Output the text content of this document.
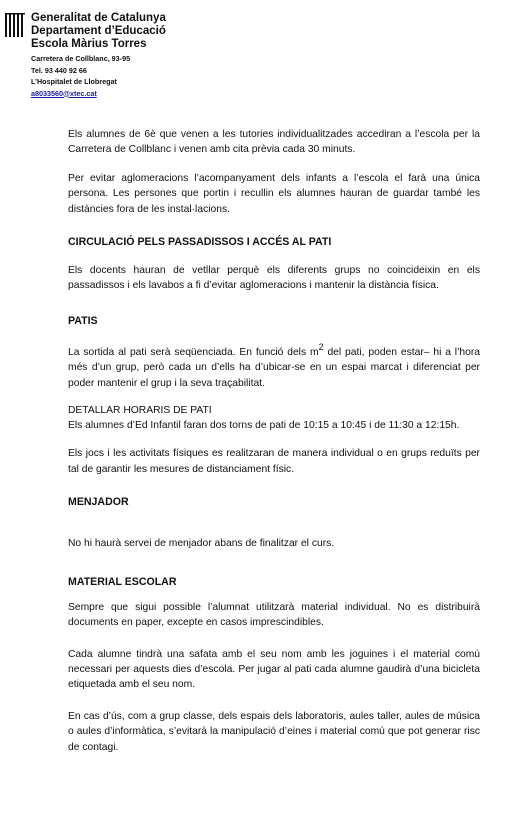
Generalitat de Catalunya
Departament d’Educació
Escola Màrius Torres
Carretera de Collblanc, 93-95
Tel. 93 440 92 66
L’Hospitalet de Llobregat
a8033560@xtec.cat

Els alumnes de 6è que venen a les tutories individualitzades accediran a l’escola per la Carretera de Collblanc i venen amb cita prèvia cada 30 minuts.

Per evitar aglomeracions l’acompanyament dels infants a l’escola el farà una única persona. Les persones que portin i recullin els alumnes hauran de guardar també les distàncies fora de les instal·lacions.

CIRCULACIÓ PELS PASSADISSOS I ACCÉS AL PATI

Els docents hauran de vetllar perquè els diferents grups no coincideixin en els passadissos i els lavabos a fi d’evitar aglomeracions i mantenir la distància física.

PATIS

La sortida al pati serà seqüenciada. En funció dels $m^2$ del pati, poden estar– hi a l’hora més d’un grup, però cada un d’ells ha d’ubicar-se en un espai marcat i diferenciat per poder mantenir el grup i la seva traçabilitat.

DETALLAR HORARIS DE PATI

Els alumnes d’Ed Infantil faran dos torns de pati de 10:15 a 10:45 i de 11:30 a 12:15h.

Els jocs i les activitats físiques es realitzaran de manera individual o en grups reduïts per tal de garantir les mesures de distanciament físic.

MENJADOR

No hi haurà servei de menjador abans de finalitzar el curs.

MATERIAL ESCOLAR

Sempre que sigui possible l’alumnat utilitzarà material individual. No es distribuirà documents en paper, excepte en casos imprescindibles.

Cada alumne tindrà una safata amb el seu nom amb les joguines i el material comú necessari per aquests dies d’escola. Per jugar al pati cada alumne gaudirà d’una bicicleta etiquetada amb el seu nom.

En cas d’ús, com a grup classe, dels espais dels laboratoris, aules taller, aules de música o aules d’informàtica, s’evitarà la manipulació d’eines i material comú que pot generar risc de contagi.
